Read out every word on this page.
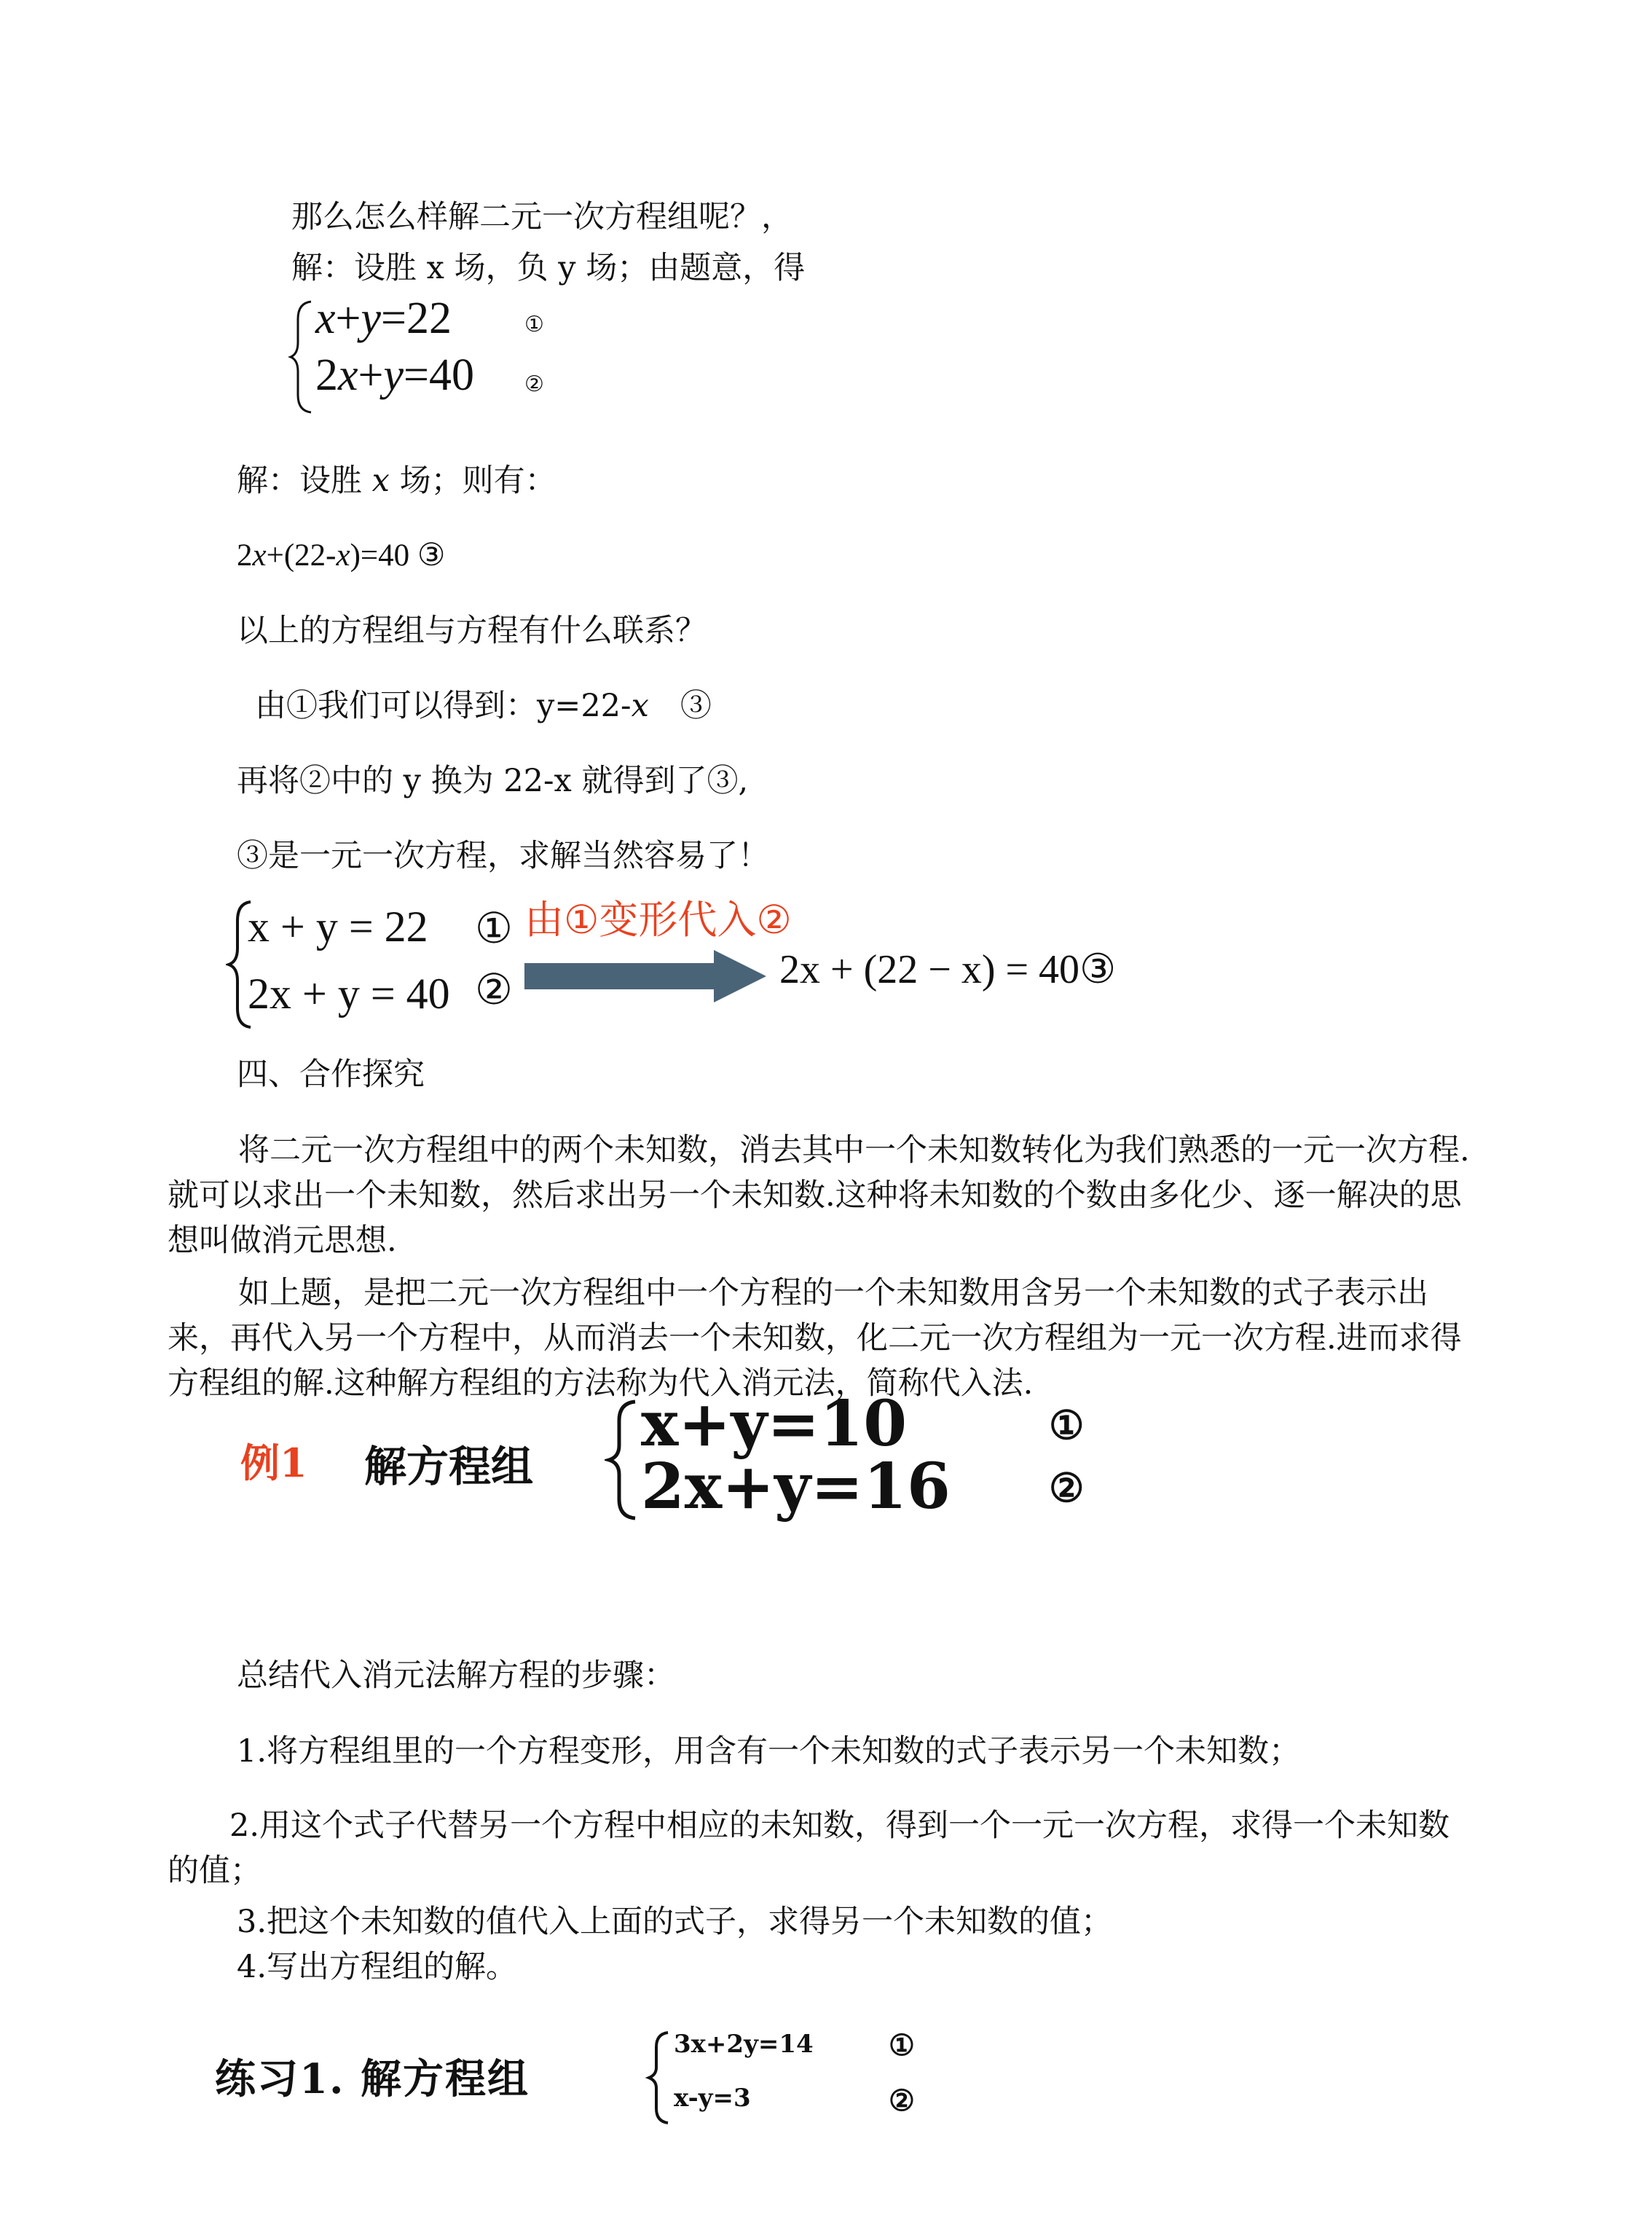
那么怎么样解二元一次方程组呢？，
解：设胜 x 场，负 y 场；由题意，得
x+y=22
2x+y=40
①
②
解：设胜 x 场；则有：
2x+(22-x)=40 ③
以上的方程组与方程有什么联系？
由①我们可以得到：y=22-x　③
再将②中的 y 换为 22-x 就得到了③,
③是一元一次方程，求解当然容易了！
x + y = 22
2x + y = 40
①
②
由①变形代入②
2x + (22 − x) = 40③
四、合作探究
将二元一次方程组中的两个未知数，消去其中一个未知数转化为我们熟悉的一元一次方程.就可以求出一个未知数，然后求出另一个未知数.这种将未知数的个数由多化少、逐一解决的思想叫做消元思想.
如上题，是把二元一次方程组中一个方程的一个未知数用含另一个未知数的式子表示出来，再代入另一个方程中，从而消去一个未知数，化二元一次方程组为一元一次方程.进而求得方程组的解.这种解方程组的方法称为代入消元法，简称代入法.
例1 解方程组
x+y=10
2x+y=16
①
②
总结代入消元法解方程的步骤：
1.将方程组里的一个方程变形，用含有一个未知数的式子表示另一个未知数；
2.用这个式子代替另一个方程中相应的未知数，得到一个一元一次方程，求得一个未知数的值；
3.把这个未知数的值代入上面的式子，求得另一个未知数的值；
4.写出方程组的解。
练习1. 解方程组
3x+2y=14
x-y=3
①
②
